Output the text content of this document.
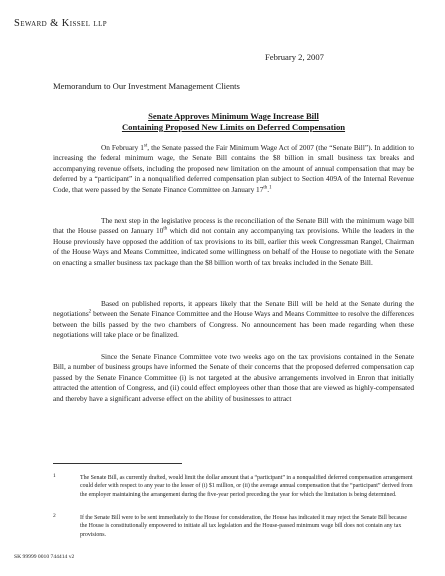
Seward & Kissel llp
February 2, 2007
Memorandum to Our Investment Management Clients
Senate Approves Minimum Wage Increase Bill
Containing Proposed New Limits on Deferred Compensation

On February 1st, the Senate passed the Fair Minimum Wage Act of 2007 (the “Senate Bill”). In addition to increasing the federal minimum wage, the Senate Bill contains the $8 billion in small business tax breaks and accompanying revenue offsets, including the proposed new limitation on the amount of annual compensation that may be deferred by a “participant” in a nonqualified deferred compensation plan subject to Section 409A of the Internal Revenue Code, that were passed by the Senate Finance Committee on January 17th.$^1$

The next step in the legislative process is the reconciliation of the Senate Bill with the minimum wage bill that the House passed on January 10th which did not contain any accompanying tax provisions. While the leaders in the House previously have opposed the addition of tax provisions to its bill, earlier this week Congressman Rangel, Chairman of the House Ways and Means Committee, indicated some willingness on behalf of the House to negotiate with the Senate on enacting a smaller business tax package than the $8 billion worth of tax breaks included in the Senate Bill.

Based on published reports, it appears likely that the Senate Bill will be held at the Senate during the negotiations$^2$ between the Senate Finance Committee and the House Ways and Means Committee to resolve the differences between the bills passed by the two chambers of Congress. No announcement has been made regarding when these negotiations will take place or be finalized.

Since the Senate Finance Committee vote two weeks ago on the tax provisions contained in the Senate Bill, a number of business groups have informed the Senate of their concerns that the proposed deferred compensation cap passed by the Senate Finance Committee (i) is not targeted at the abusive arrangements involved in Enron that initially attracted the attention of Congress, and (ii) could effect employees other than those that are viewed as highly-compensated and thereby have a significant adverse effect on the ability of businesses to attract

1	The Senate Bill, as currently drafted, would limit the dollar amount that a “participant” in a nonqualified deferred compensation arrangement could defer with respect to any year to the lesser of (i) $1 million, or (ii) the average annual compensation that the “participant” derived from the employer maintaining the arrangement during the five-year period preceding the year for which the limitation is being determined.

2	If the Senate Bill were to be sent immediately to the House for consideration, the House has indicated it may reject the Senate Bill because the House is constitutionally empowered to initiate all tax legislation and the House-passed minimum wage bill does not contain any tax provisions.

SK 99999 0010 744414 v2
